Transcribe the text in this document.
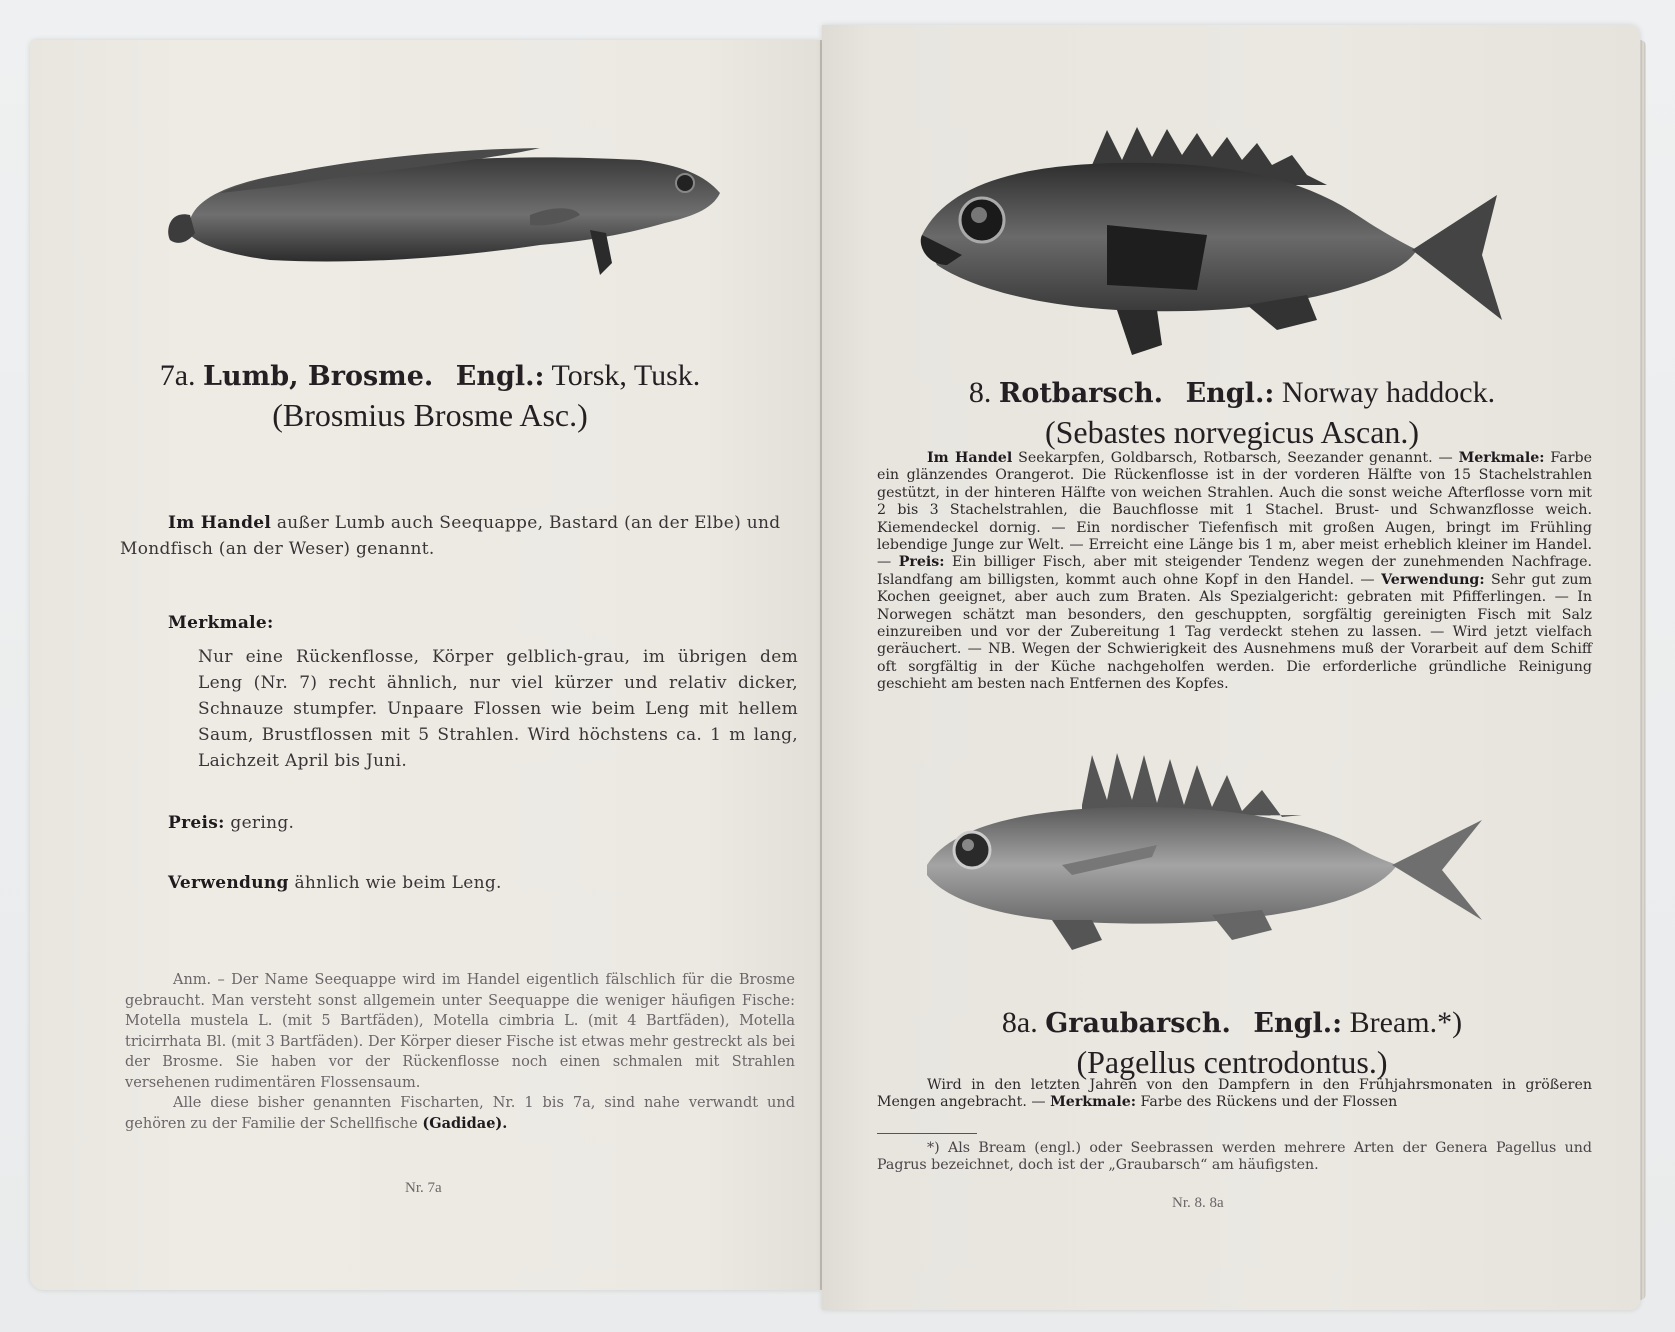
7a. Lumb, Brosme. Engl.: Torsk, Tusk.
(Brosmius Brosme Asc.)

Im Handel außer Lumb auch Seequappe, Bastard (an der Elbe) und Mondfisch (an der Weser) genannt.

Merkmale:

Nur eine Rückenflosse, Körper gelblich-grau, im übrigen dem Leng (Nr. 7) recht ähnlich, nur viel kürzer und relativ dicker, Schnauze stumpfer. Unpaare Flossen wie beim Leng mit hellem Saum, Brustflossen mit 5 Strahlen. Wird höchstens ca. 1 m lang, Laichzeit April bis Juni.

Preis: gering.
Verwendung ähnlich wie beim Leng.

Anm. – Der Name Seequappe wird im Handel eigentlich fälschlich für die Brosme gebraucht. Man versteht sonst allgemein unter Seequappe die weniger häufigen Fische: Motella mustela L. (mit 5 Bartfäden), Motella cimbria L. (mit 4 Bartfäden), Motella tricirrhata Bl. (mit 3 Bartfäden). Der Körper dieser Fische ist etwas mehr gestreckt als bei der Brosme. Sie haben vor der Rückenflosse noch einen schmalen mit Strahlen versehenen rudimentären Flossensaum.

Alle diese bisher genannten Fischarten, Nr. 1 bis 7a, sind nahe verwandt und gehören zu der Familie der Schellfische (Gadidae).

Nr. 7a
8. Rotbarsch. Engl.: Norway haddock.
(Sebastes norvegicus Ascan.)

Im Handel Seekarpfen, Goldbarsch, Rotbarsch, Seezander genannt. — Merkmale: Farbe ein glänzendes Orangerot. Die Rückenflosse ist in der vorderen Hälfte von 15 Stachelstrahlen gestützt, in der hinteren Hälfte von weichen Strahlen. Auch die sonst weiche Afterflosse vorn mit 2 bis 3 Stachelstrahlen, die Bauchflosse mit 1 Stachel. Brust- und Schwanzflosse weich. Kiemendeckel dornig. — Ein nordischer Tiefenfisch mit großen Augen, bringt im Frühling lebendige Junge zur Welt. — Erreicht eine Länge bis 1 m, aber meist erheblich kleiner im Handel. — Preis: Ein billiger Fisch, aber mit steigender Tendenz wegen der zunehmenden Nachfrage. Islandfang am billigsten, kommt auch ohne Kopf in den Handel. — Verwendung: Sehr gut zum Kochen geeignet, aber auch zum Braten. Als Spezialgericht: gebraten mit Pfifferlingen. — In Norwegen schätzt man besonders, den geschuppten, sorgfältig gereinigten Fisch mit Salz einzureiben und vor der Zubereitung 1 Tag verdeckt stehen zu lassen. — Wird jetzt vielfach geräuchert. — NB. Wegen der Schwierigkeit des Ausnehmens muß der Vorarbeit auf dem Schiff oft sorgfältig in der Küche nachgeholfen werden. Die erforderliche gründliche Reinigung geschieht am besten nach Entfernen des Kopfes.

8a. Graubarsch. Engl.: Bream.*)
(Pagellus centrodontus.)

Wird in den letzten Jahren von den Dampfern in den Frühjahrsmonaten in größeren Mengen angebracht. — Merkmale: Farbe des Rückens und der Flossen

*) Als Bream (engl.) oder Seebrassen werden mehrere Arten der Genera Pagellus und Pagrus bezeichnet, doch ist der „Graubarsch“ am häufigsten.

Nr. 8. 8a
